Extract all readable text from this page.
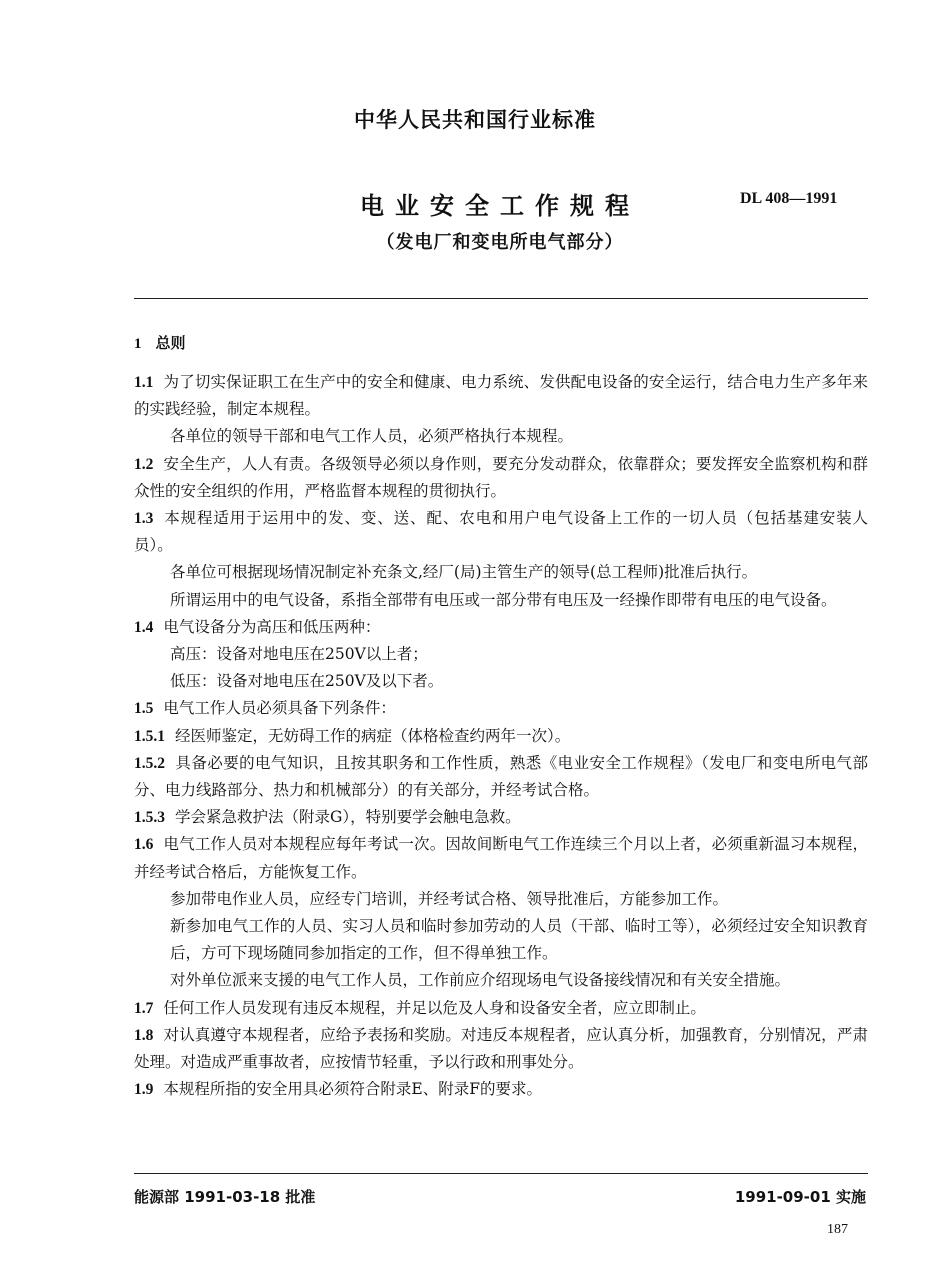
中华人民共和国行业标准
电业安全工作规程
（发电厂和变电所电气部分）
DL 408—1991
1 总则

1.1 为了切实保证职工在生产中的安全和健康、电力系统、发供配电设备的安全运行，结合电力生产多年来的实践经验，制定本规程。

各单位的领导干部和电气工作人员，必须严格执行本规程。

1.2 安全生产，人人有责。各级领导必须以身作则，要充分发动群众，依靠群众；要发挥安全监察机构和群众性的安全组织的作用，严格监督本规程的贯彻执行。

1.3 本规程适用于运用中的发、变、送、配、农电和用户电气设备上工作的一切人员（包括基建安装人员）。

各单位可根据现场情况制定补充条文,经厂(局)主管生产的领导(总工程师)批准后执行。

所谓运用中的电气设备，系指全部带有电压或一部分带有电压及一经操作即带有电压的电气设备。

1.4 电气设备分为高压和低压两种：

高压：设备对地电压在250V以上者；

低压：设备对地电压在250V及以下者。

1.5 电气工作人员必须具备下列条件：

1.5.1 经医师鉴定，无妨碍工作的病症（体格检查约两年一次）。

1.5.2 具备必要的电气知识，且按其职务和工作性质，熟悉《电业安全工作规程》（发电厂和变电所电气部分、电力线路部分、热力和机械部分）的有关部分，并经考试合格。

1.5.3 学会紧急救护法（附录G），特别要学会触电急救。

1.6 电气工作人员对本规程应每年考试一次。因故间断电气工作连续三个月以上者，必须重新温习本规程，并经考试合格后，方能恢复工作。

参加带电作业人员，应经专门培训，并经考试合格、领导批准后，方能参加工作。

新参加电气工作的人员、实习人员和临时参加劳动的人员（干部、临时工等），必须经过安全知识教育后，方可下现场随同参加指定的工作，但不得单独工作。

对外单位派来支援的电气工作人员，工作前应介绍现场电气设备接线情况和有关安全措施。

1.7 任何工作人员发现有违反本规程，并足以危及人身和设备安全者，应立即制止。

1.8 对认真遵守本规程者，应给予表扬和奖励。对违反本规程者，应认真分析，加强教育，分别情况，严肃处理。对造成严重事故者，应按情节轻重，予以行政和刑事处分。

1.9 本规程所指的安全用具必须符合附录E、附录F的要求。

能源部 1991-03-18 批准	1991-09-01 实施
187
